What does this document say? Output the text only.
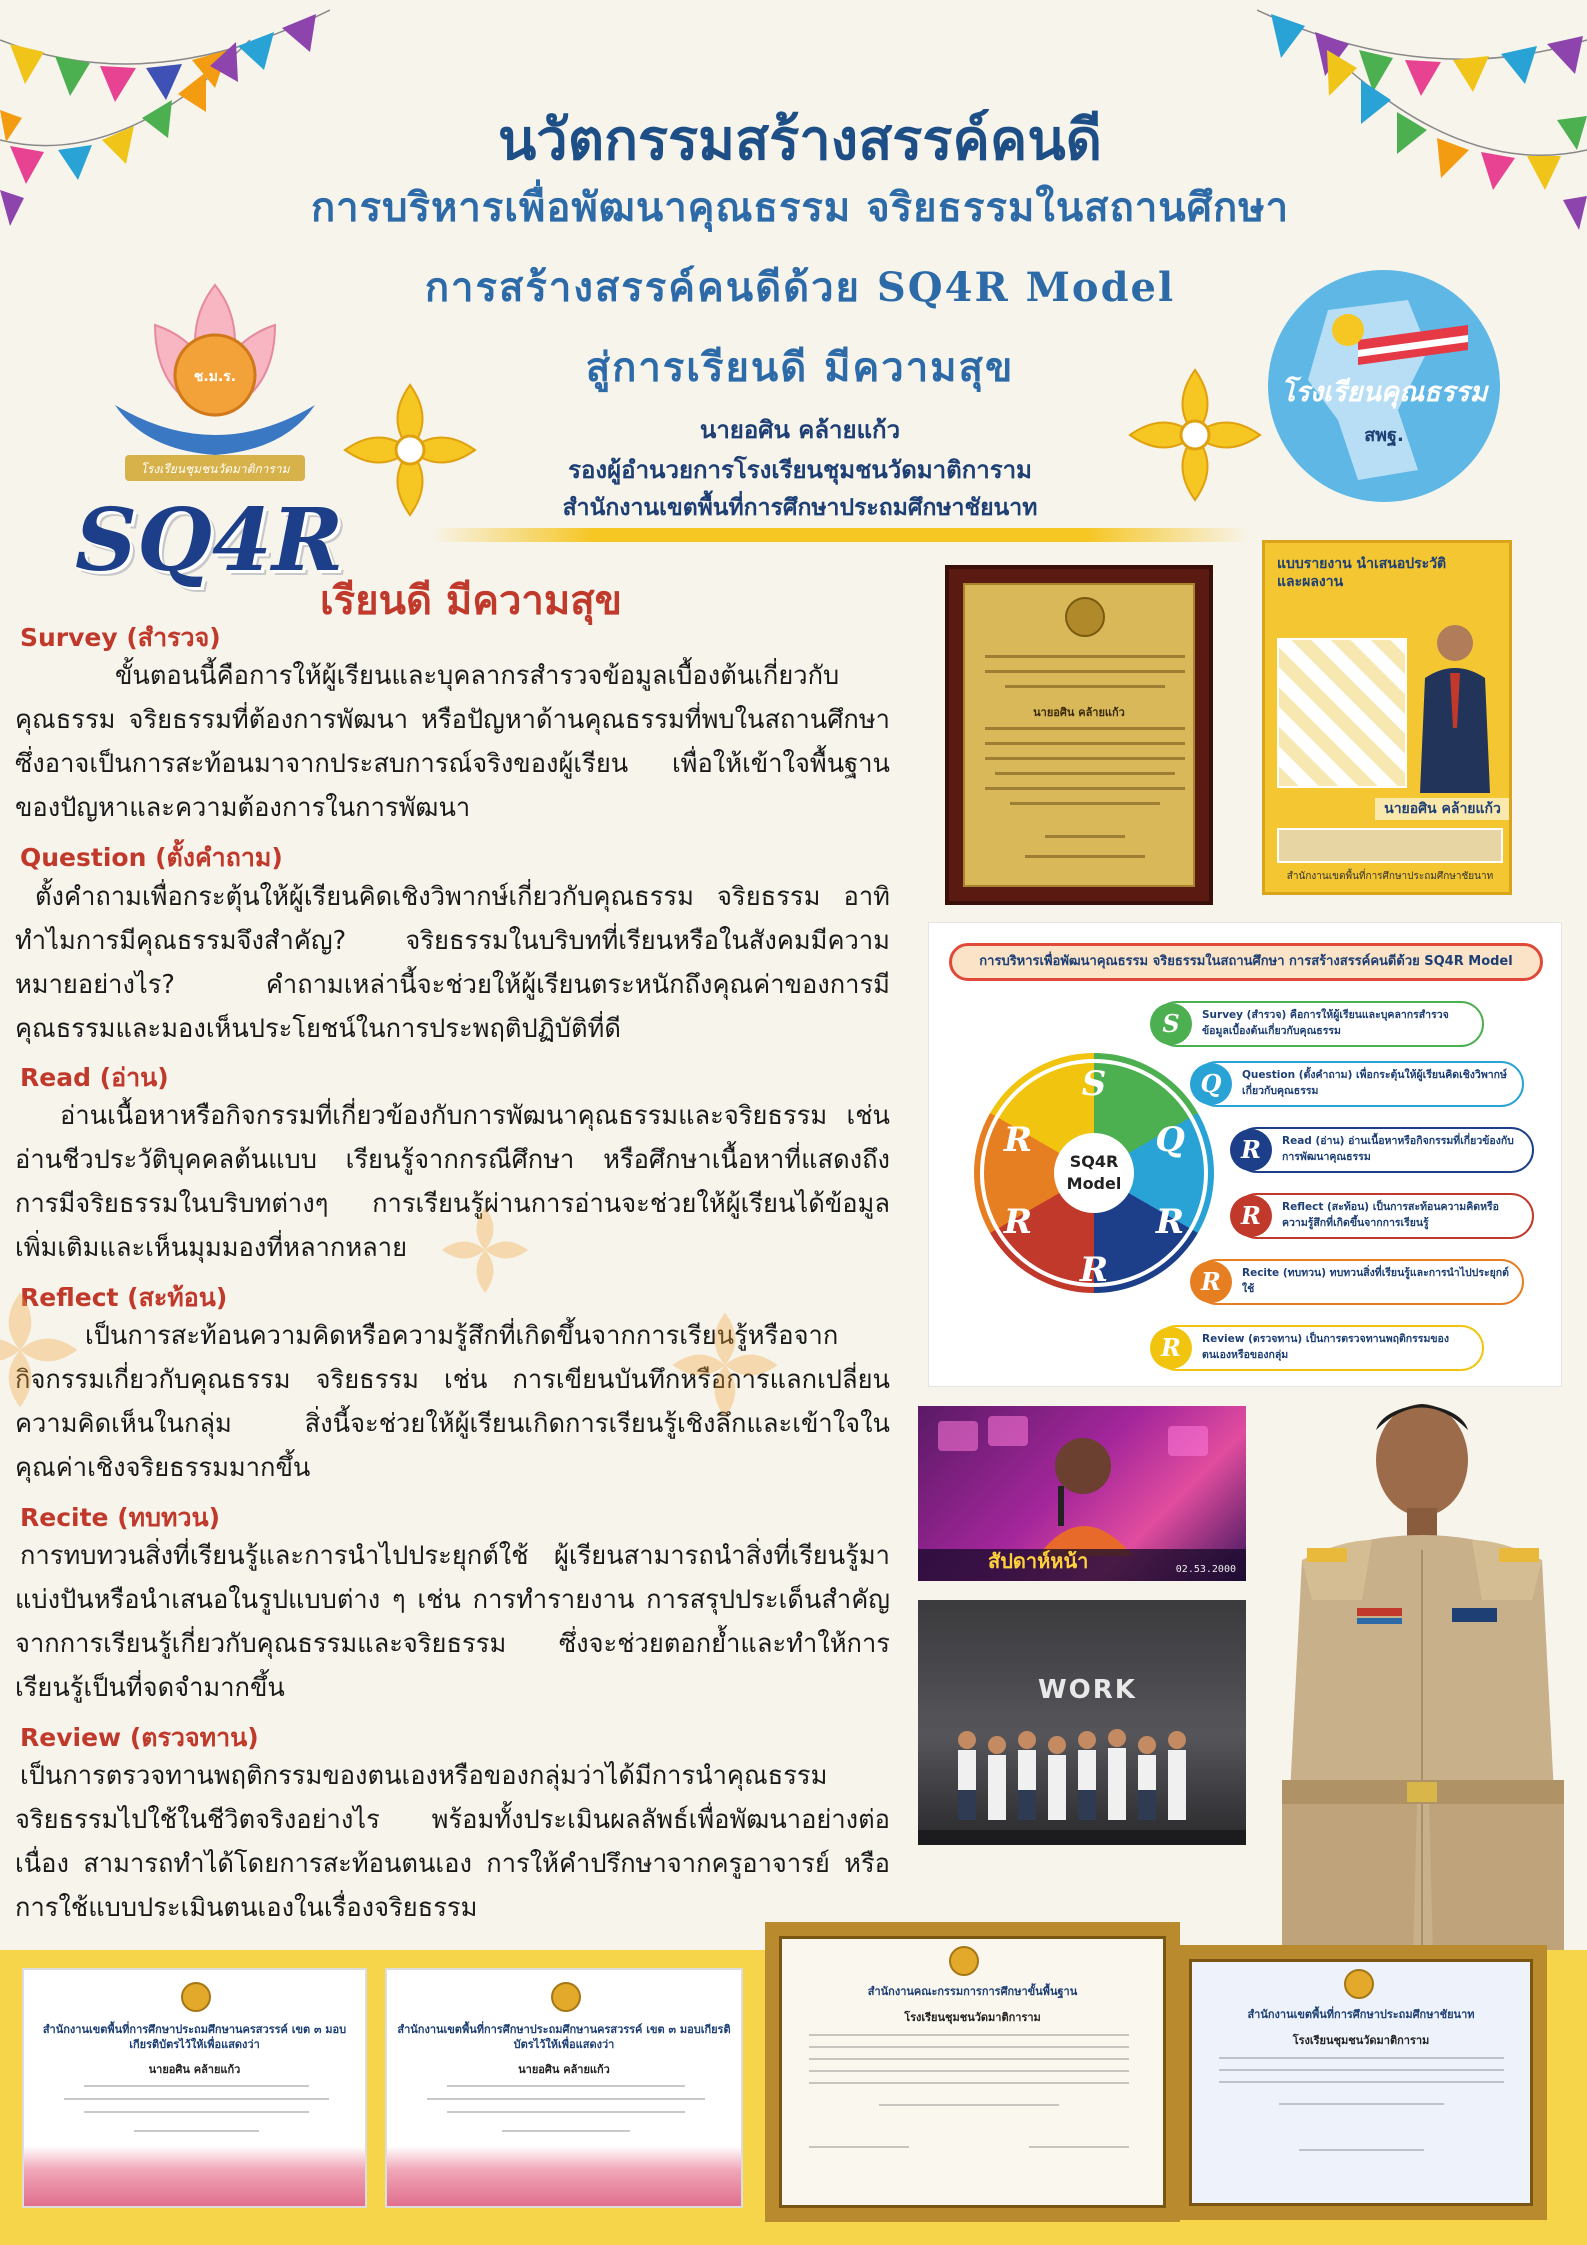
นวัตกรรมสร้างสรรค์คนดี
การบริหารเพื่อพัฒนาคุณธรรม จริยธรรมในสถานศึกษา
การสร้างสรรค์คนดีด้วย SQ4R Model
สู่การเรียนดี มีความสุข
นายอศิน คล้ายแก้ว
รองผู้อำนวยการโรงเรียนชุมชนวัดมาติการาม
สำนักงานเขตพื้นที่การศึกษาประถมศึกษาชัยนาท
ช.ม.ร.
โรงเรียนชุมชนวัดมาติการาม
โรงเรียนคุณธรรม
สพฐ.
SQ4R
เรียนดี มีความสุข
Survey (สำรวจ)
ขั้นตอนนี้คือการให้ผู้เรียนและบุคลากรสำรวจข้อมูลเบื้องต้นเกี่ยวกับคุณธรรม จริยธรรมที่ต้องการพัฒนา หรือปัญหาด้านคุณธรรมที่พบในสถานศึกษา ซึ่งอาจเป็นการสะท้อนมาจากประสบการณ์จริงของผู้เรียน เพื่อให้เข้าใจพื้นฐานของปัญหาและความต้องการในการพัฒนา
Question (ตั้งคำถาม)
ตั้งคำถามเพื่อกระตุ้นให้ผู้เรียนคิดเชิงวิพากษ์เกี่ยวกับคุณธรรม จริยธรรม อาทิ ทำไมการมีคุณธรรมจึงสำคัญ? จริยธรรมในบริบทที่เรียนหรือในสังคมมีความหมายอย่างไร? คำถามเหล่านี้จะช่วยให้ผู้เรียนตระหนักถึงคุณค่าของการมีคุณธรรมและมองเห็นประโยชน์ในการประพฤติปฏิบัติที่ดี
Read (อ่าน)
อ่านเนื้อหาหรือกิจกรรมที่เกี่ยวข้องกับการพัฒนาคุณธรรมและจริยธรรม เช่น อ่านชีวประวัติบุคคลต้นแบบ เรียนรู้จากกรณีศึกษา หรือศึกษาเนื้อหาที่แสดงถึงการมีจริยธรรมในบริบทต่างๆ การเรียนรู้ผ่านการอ่านจะช่วยให้ผู้เรียนได้ข้อมูลเพิ่มเติมและเห็นมุมมองที่หลากหลาย
Reflect (สะท้อน)
เป็นการสะท้อนความคิดหรือความรู้สึกที่เกิดขึ้นจากการเรียนรู้หรือจากกิจกรรมเกี่ยวกับคุณธรรม จริยธรรม เช่น การเขียนบันทึกหรือการแลกเปลี่ยนความคิดเห็นในกลุ่ม สิ่งนี้จะช่วยให้ผู้เรียนเกิดการเรียนรู้เชิงลึกและเข้าใจในคุณค่าเชิงจริยธรรมมากขึ้น
Recite (ทบทวน)
การทบทวนสิ่งที่เรียนรู้และการนำไปประยุกต์ใช้ ผู้เรียนสามารถนำสิ่งที่เรียนรู้มาแบ่งปันหรือนำเสนอในรูปแบบต่าง ๆ เช่น การทำรายงาน การสรุปประเด็นสำคัญจากการเรียนรู้เกี่ยวกับคุณธรรมและจริยธรรม ซึ่งจะช่วยตอกย้ำและทำให้การเรียนรู้เป็นที่จดจำมากขึ้น
Review (ตรวจทาน)
เป็นการตรวจทานพฤติกรรมของตนเองหรือของกลุ่มว่าได้มีการนำคุณธรรมจริยธรรมไปใช้ในชีวิตจริงอย่างไร พร้อมทั้งประเมินผลลัพธ์เพื่อพัฒนาอย่างต่อเนื่อง สามารถทำได้โดยการสะท้อนตนเอง การให้คำปรึกษาจากครูอาจารย์ หรือการใช้แบบประเมินตนเองในเรื่องจริยธรรม
นายอศิน คล้ายแก้ว
แบบรายงาน นำเสนอประวัติและผลงาน
นายอศิน คล้ายแก้ว
สำนักงานเขตพื้นที่การศึกษาประถมศึกษาชัยนาท
การบริหารเพื่อพัฒนาคุณธรรม จริยธรรมในสถานศึกษา การสร้างสรรค์คนดีด้วย SQ4R Model
S
Q
R
R
R
R
SQ4R
Model
S	Survey (สำรวจ) คือการให้ผู้เรียนและบุคลากรสำรวจข้อมูลเบื้องต้นเกี่ยวกับคุณธรรม
Q	Question (ตั้งคำถาม) เพื่อกระตุ้นให้ผู้เรียนคิดเชิงวิพากษ์เกี่ยวกับคุณธรรม
R	Read (อ่าน) อ่านเนื้อหาหรือกิจกรรมที่เกี่ยวข้องกับการพัฒนาคุณธรรม
R	Reflect (สะท้อน) เป็นการสะท้อนความคิดหรือความรู้สึกที่เกิดขึ้นจากการเรียนรู้
R	Recite (ทบทวน) ทบทวนสิ่งที่เรียนรู้และการนำไปประยุกต์ใช้
R	Review (ตรวจทาน) เป็นการตรวจทานพฤติกรรมของตนเองหรือของกลุ่ม
สัปดาห์หน้า	02.53.2000
WORK
สำนักงานเขตพื้นที่การศึกษาประถมศึกษานครสวรรค์ เขต ๓ มอบเกียรติบัตรไว้ให้เพื่อแสดงว่า
นายอศิน คล้ายแก้ว
สำนักงานเขตพื้นที่การศึกษาประถมศึกษานครสวรรค์ เขต ๓ มอบเกียรติบัตรไว้ให้เพื่อแสดงว่า
นายอศิน คล้ายแก้ว
สำนักงานคณะกรรมการการศึกษาขั้นพื้นฐาน
โรงเรียนชุมชนวัดมาติการาม	สำนักงานเขตพื้นที่การศึกษาประถมศึกษาชัยนาท
โรงเรียนชุมชนวัดมาติการาม
